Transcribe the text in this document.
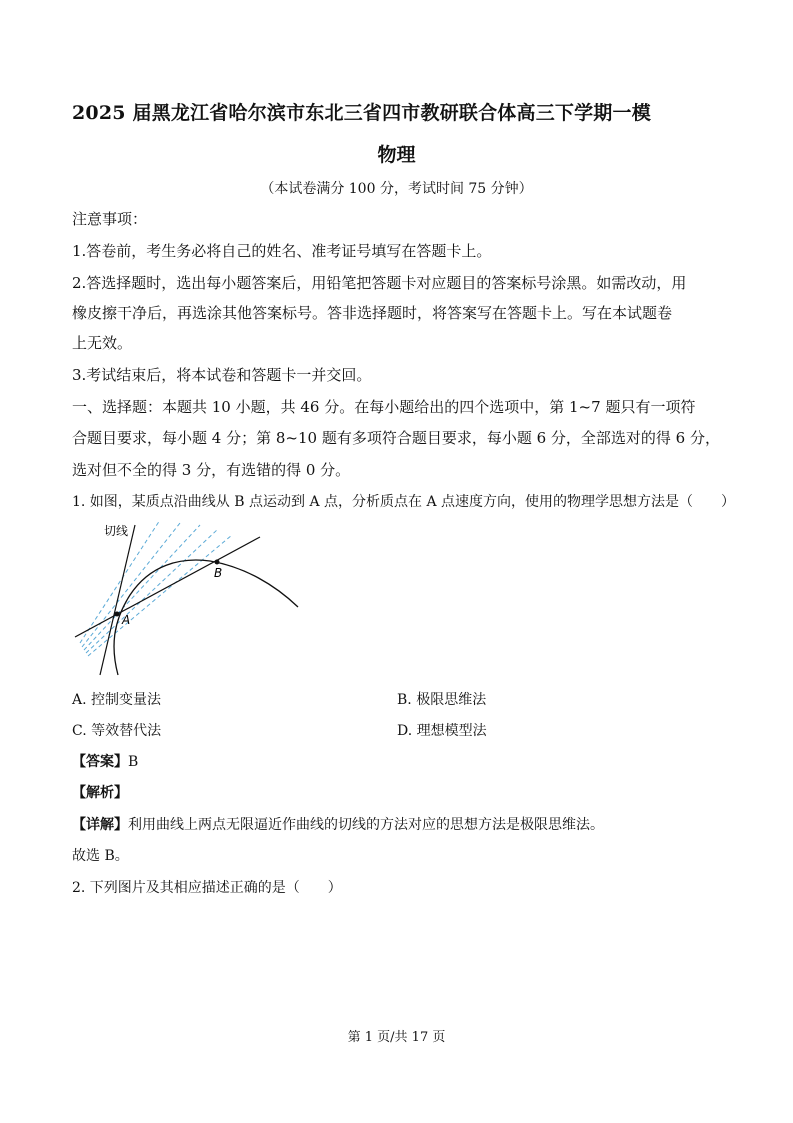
2025 届黑龙江省哈尔滨市东北三省四市教研联合体高三下学期一模
物理
（本试卷满分 100 分，考试时间 75 分钟）
注意事项：
1.答卷前，考生务必将自己的姓名、准考证号填写在答题卡上。
2.答选择题时，选出每小题答案后，用铅笔把答题卡对应题目的答案标号涂黑。如需改动，用
橡皮擦干净后，再选涂其他答案标号。答非选择题时，将答案写在答题卡上。写在本试题卷
上无效。
3.考试结束后，将本试卷和答题卡一并交回。
一、选择题：本题共 10 小题，共 46 分。在每小题给出的四个选项中，第 1~7 题只有一项符
合题目要求，每小题 4 分；第 8~10 题有多项符合题目要求，每小题 6 分，全部选对的得 6 分，
选对但不全的得 3 分，有选错的得 0 分。
1. 如图，某质点沿曲线从 B 点运动到 A 点，分析质点在 A 点速度方向，使用的物理学思想方法是（　　）
切线
A
B
A. 控制变量法	B. 极限思维法
C. 等效替代法	D. 理想模型法
【答案】B
【解析】
【详解】利用曲线上两点无限逼近作曲线的切线的方法对应的思想方法是极限思维法。
故选 B。
2. 下列图片及其相应描述正确的是（　　）
第 1 页/共 17 页
